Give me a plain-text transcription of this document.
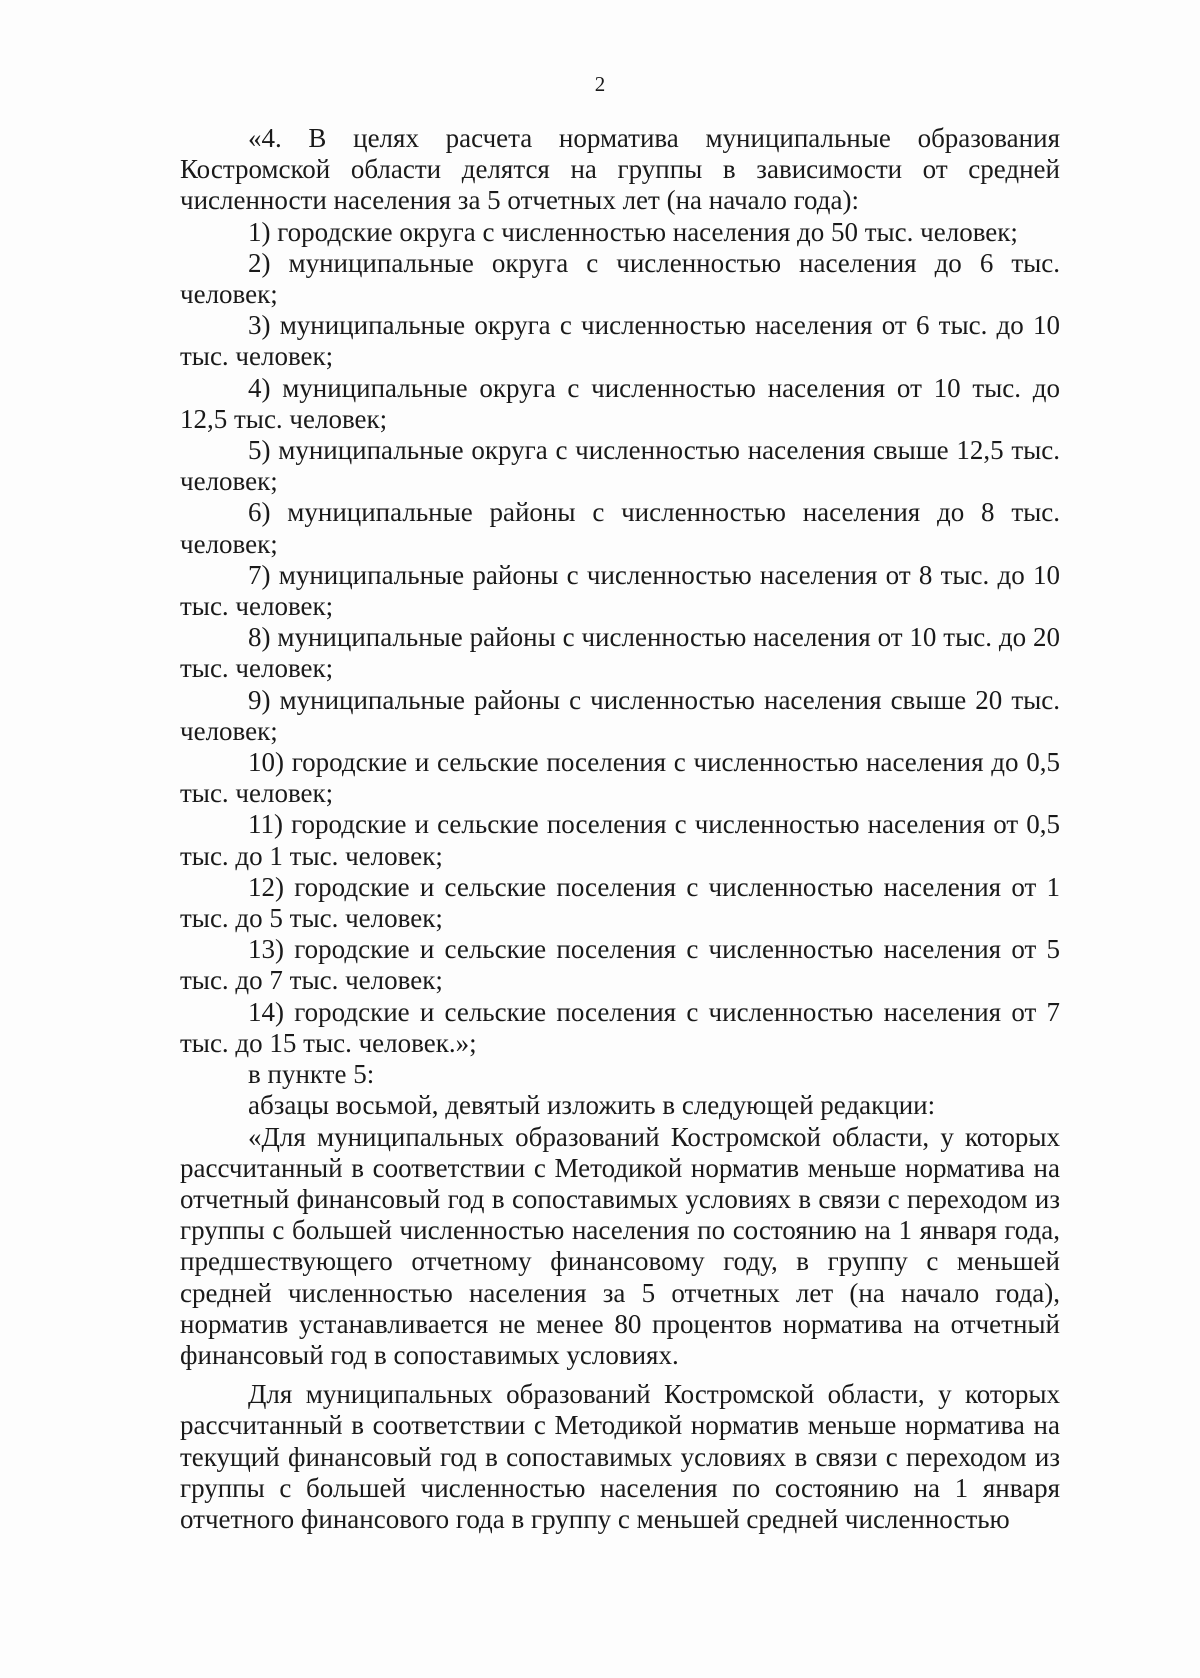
2

«4. В целях расчета норматива муниципальные образования Костромской области делятся на группы в зависимости от средней численности населения за 5 отчетных лет (на начало года):

1) городские округа с численностью населения до 50 тыс. человек;

2) муниципальные округа с численностью населения до 6 тыс. человек;

3) муниципальные округа с численностью населения от 6 тыс. до 10 тыс. человек;

4) муниципальные округа с численностью населения от 10 тыс. до 12,5 тыс. человек;

5) муниципальные округа с численностью населения свыше 12,5 тыс. человек;

6) муниципальные районы с численностью населения до 8 тыс. человек;

7) муниципальные районы с численностью населения от 8 тыс. до 10 тыс. человек;

8) муниципальные районы с численностью населения от 10 тыс. до 20 тыс. человек;

9) муниципальные районы с численностью населения свыше 20 тыс. человек;

10) городские и сельские поселения с численностью населения до 0,5 тыс. человек;

11) городские и сельские поселения с численностью населения от 0,5 тыс. до 1 тыс. человек;

12) городские и сельские поселения с численностью населения от 1 тыс. до 5 тыс. человек;

13) городские и сельские поселения с численностью населения от 5 тыс. до 7 тыс. человек;

14) городские и сельские поселения с численностью населения от 7 тыс. до 15 тыс. человек.»;

в пункте 5:

абзацы восьмой, девятый изложить в следующей редакции:

«Для муниципальных образований Костромской области, у которых рассчитанный в соответствии с Методикой норматив меньше норматива на отчетный финансовый год в сопоставимых условиях в связи с переходом из группы с большей численностью населения по состоянию на 1 января года, предшествующего отчетному финансовому году, в группу с меньшей средней численностью населения за 5 отчетных лет (на начало года), норматив устанавливается не менее 80 процентов норматива на отчетный финансовый год в сопоставимых условиях.

Для муниципальных образований Костромской области, у которых рассчитанный в соответствии с Методикой норматив меньше норматива на текущий финансовый год в сопоставимых условиях в связи с переходом из группы с большей численностью населения по состоянию на 1 января отчетного финансового года в группу с меньшей средней численностью
